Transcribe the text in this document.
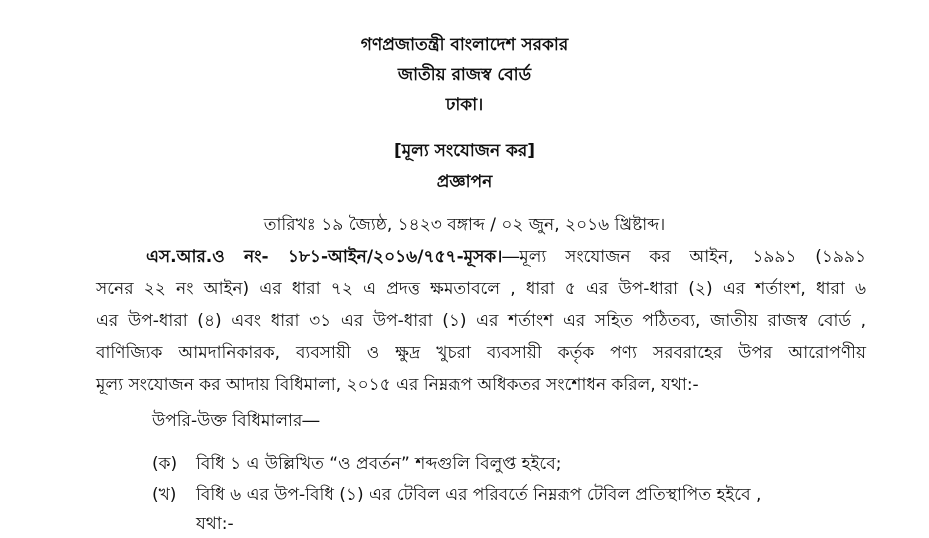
গণপ্রজাতন্ত্রী বাংলাদেশ সরকার
জাতীয় রাজস্ব বোর্ড
ঢাকা।
[মূল্য সংযোজন কর]
প্রজ্ঞাপন
তারিখঃ ১৯ জ্যৈষ্ঠ, ১৪২৩ বঙ্গাব্দ / ০২ জুন, ২০১৬ খ্রিষ্টাব্দ।
এস.আর.ও নং- ১৮১-আইন/২০১৬/৭৫৭-মূসক।―মূল্য সংযোজন কর আইন, ১৯৯১ (১৯৯১
সনের ২২ নং আইন) এর ধারা ৭২ এ প্রদত্ত ক্ষমতাবলে , ধারা ৫ এর উপ-ধারা (২) এর শর্তাংশ, ধারা ৬
এর উপ-ধারা (৪) এবং ধারা ৩১ এর উপ-ধারা (১) এর শর্তাংশ এর সহিত পঠিতব্য, জাতীয় রাজস্ব বোর্ড ,
বাণিজ্যিক আমদানিকারক, ব্যবসায়ী ও ক্ষুদ্র খুচরা ব্যবসায়ী কর্তৃক পণ্য সরবরাহের উপর আরোপণীয়
মূল্য সংযোজন কর আদায় বিধিমালা, ২০১৫ এর নিম্নরূপ অধিকতর সংশোধন করিল, যথা:-
উপরি-উক্ত বিধিমালার―
(ক) বিধি ১ এ উল্লিখিত “ও প্রবর্তন” শব্দগুলি বিলুপ্ত হইবে;
(খ) বিধি ৬ এর উপ-বিধি (১) এর টেবিল এর পরিবর্তে নিম্নরূপ টেবিল প্রতিস্থাপিত হইবে ,
যথা:-
